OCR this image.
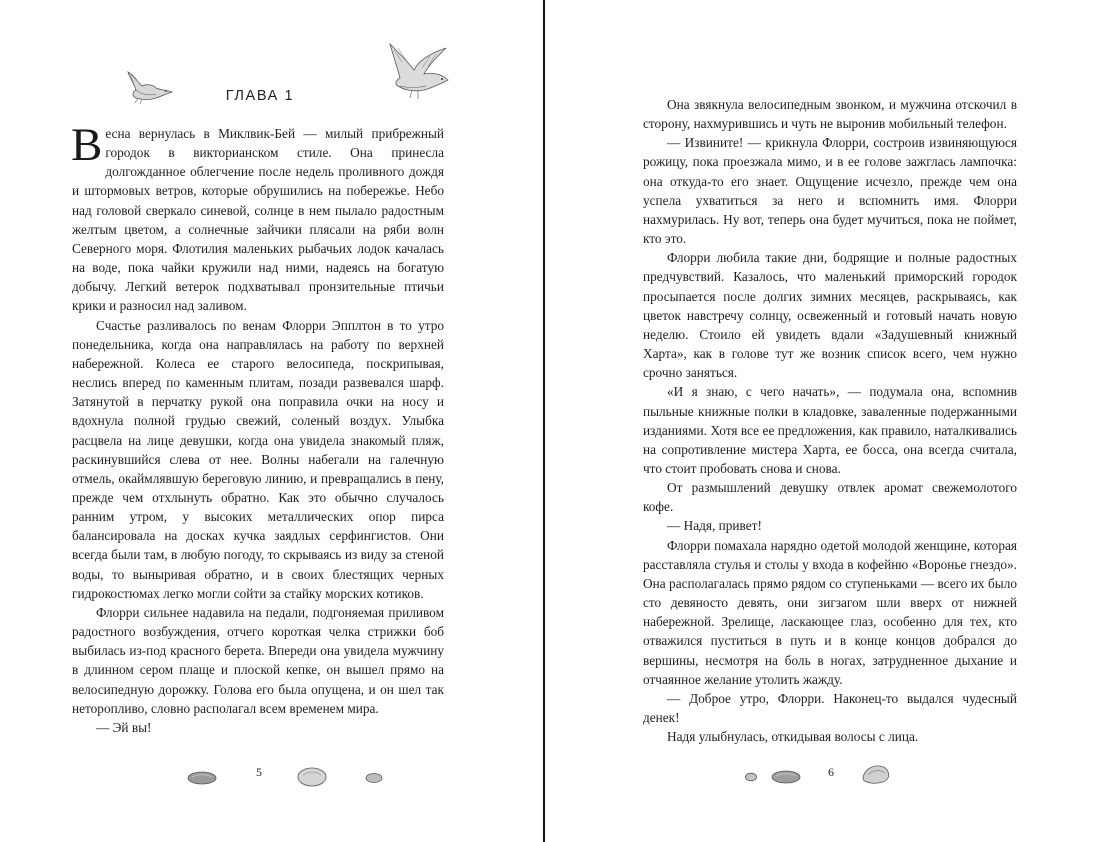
ГЛАВА 1

Весна вернулась в Миклвик-Бей — милый прибрежный городок в викторианском стиле. Она принесла долгожданное облегчение после недель проливного дождя и штормовых ветров, которые обрушились на побережье. Небо над головой сверкало синевой, солнце в нем пылало радостным желтым цветом, а солнечные зайчики плясали на ряби волн Северного моря. Флотилия маленьких рыбачьих лодок качалась на воде, пока чайки кружили над ними, надеясь на богатую добычу. Легкий ветерок подхватывал пронзительные птичьи крики и разносил над заливом.

Счастье разливалось по венам Флорри Эпплтон в то утро понедельника, когда она направлялась на работу по верхней набережной. Колеса ее старого велосипеда, поскрипывая, неслись вперед по каменным плитам, позади развевался шарф. Затянутой в перчатку рукой она поправила очки на носу и вдохнула полной грудью свежий, соленый воздух. Улыбка расцвела на лице девушки, когда она увидела знакомый пляж, раскинувшийся слева от нее. Волны набегали на галечную отмель, окаймлявшую береговую линию, и превращались в пену, прежде чем отхлынуть обратно. Как это обычно случалось ранним утром, у высоких металлических опор пирса балансировала на досках кучка заядлых серфингистов. Они всегда были там, в любую погоду, то скрываясь из виду за стеной воды, то выныривая обратно, и в своих блестящих черных гидрокостюмах легко могли сойти за стайку морских котиков.

Флорри сильнее надавила на педали, подгоняемая приливом радостного возбуждения, отчего короткая челка стрижки боб выбилась из-под красного берета. Впереди она увидела мужчину в длинном сером плаще и плоской кепке, он вышел прямо на велосипедную дорожку. Голова его была опущена, и он шел так неторопливо, словно располагал всем временем мира.

— Эй вы!

5

Она звякнула велосипедным звонком, и мужчина отскочил в сторону, нахмурившись и чуть не выронив мобильный телефон.

— Извините! — крикнула Флорри, состроив извиняющуюся рожицу, пока проезжала мимо, и в ее голове зажглась лампочка: она откуда-то его знает. Ощущение исчезло, прежде чем она успела ухватиться за него и вспомнить имя. Флорри нахмурилась. Ну вот, теперь она будет мучиться, пока не поймет, кто это.

Флорри любила такие дни, бодрящие и полные радостных предчувствий. Казалось, что маленький приморский городок просыпается после долгих зимних месяцев, раскрываясь, как цветок навстречу солнцу, освеженный и готовый начать новую неделю. Стоило ей увидеть вдали «Задушевный книжный Харта», как в голове тут же возник список всего, чем нужно срочно заняться.

«И я знаю, с чего начать», — подумала она, вспомнив пыльные книжные полки в кладовке, заваленные подержанными изданиями. Хотя все ее предложения, как правило, наталкивались на сопротивление мистера Харта, ее босса, она всегда считала, что стоит пробовать снова и снова.

От размышлений девушку отвлек аромат свежемолотого кофе.

— Надя, привет!

Флорри помахала нарядно одетой молодой женщине, которая расставляла стулья и столы у входа в кофейню «Воронье гнездо». Она располагалась прямо рядом со ступеньками — всего их было сто девяносто девять, они зигзагом шли вверх от нижней набережной. Зрелище, ласкающее глаз, особенно для тех, кто отважился пуститься в путь и в конце концов добрался до вершины, несмотря на боль в ногах, затрудненное дыхание и отчаянное желание утолить жажду.

— Доброе утро, Флорри. Наконец-то выдался чудесный денек!

Надя улыбнулась, откидывая волосы с лица.

6
